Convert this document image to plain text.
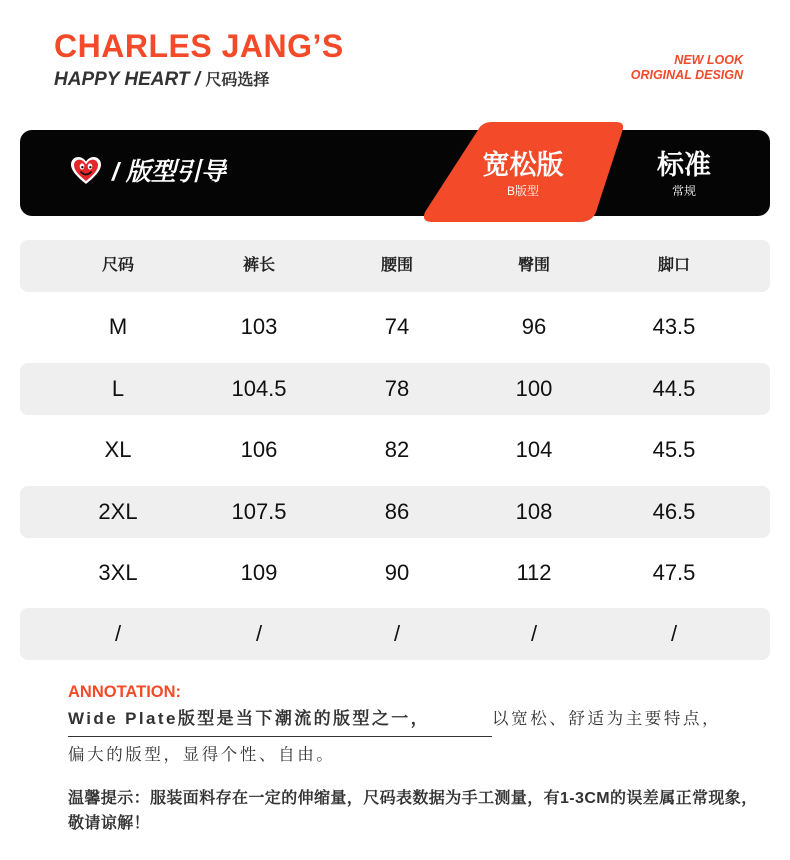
CHARLES JANG’S
HAPPY HEART / 尺码选择
NEW LOOK
ORIGINAL DESIGN
/ 版型引导	宽松版
B版型
标准
常规
尺码	裤长	腰围	臀围	脚口
M	103	74	96	43.5
L	104.5	78	100	44.5
XL	106	82	104	45.5
2XL	107.5	86	108	46.5
3XL	109	90	112	47.5
/	/	/	/	/
ANNOTATION:
Wide Plate版型是当下潮流的版型之一，	以宽松、舒适为主要特点，
偏大的版型，显得个性、自由。
温馨提示：服装面料存在一定的伸缩量，尺码表数据为手工测量，有1-3CM的误差属正常现象，敬请谅解！
